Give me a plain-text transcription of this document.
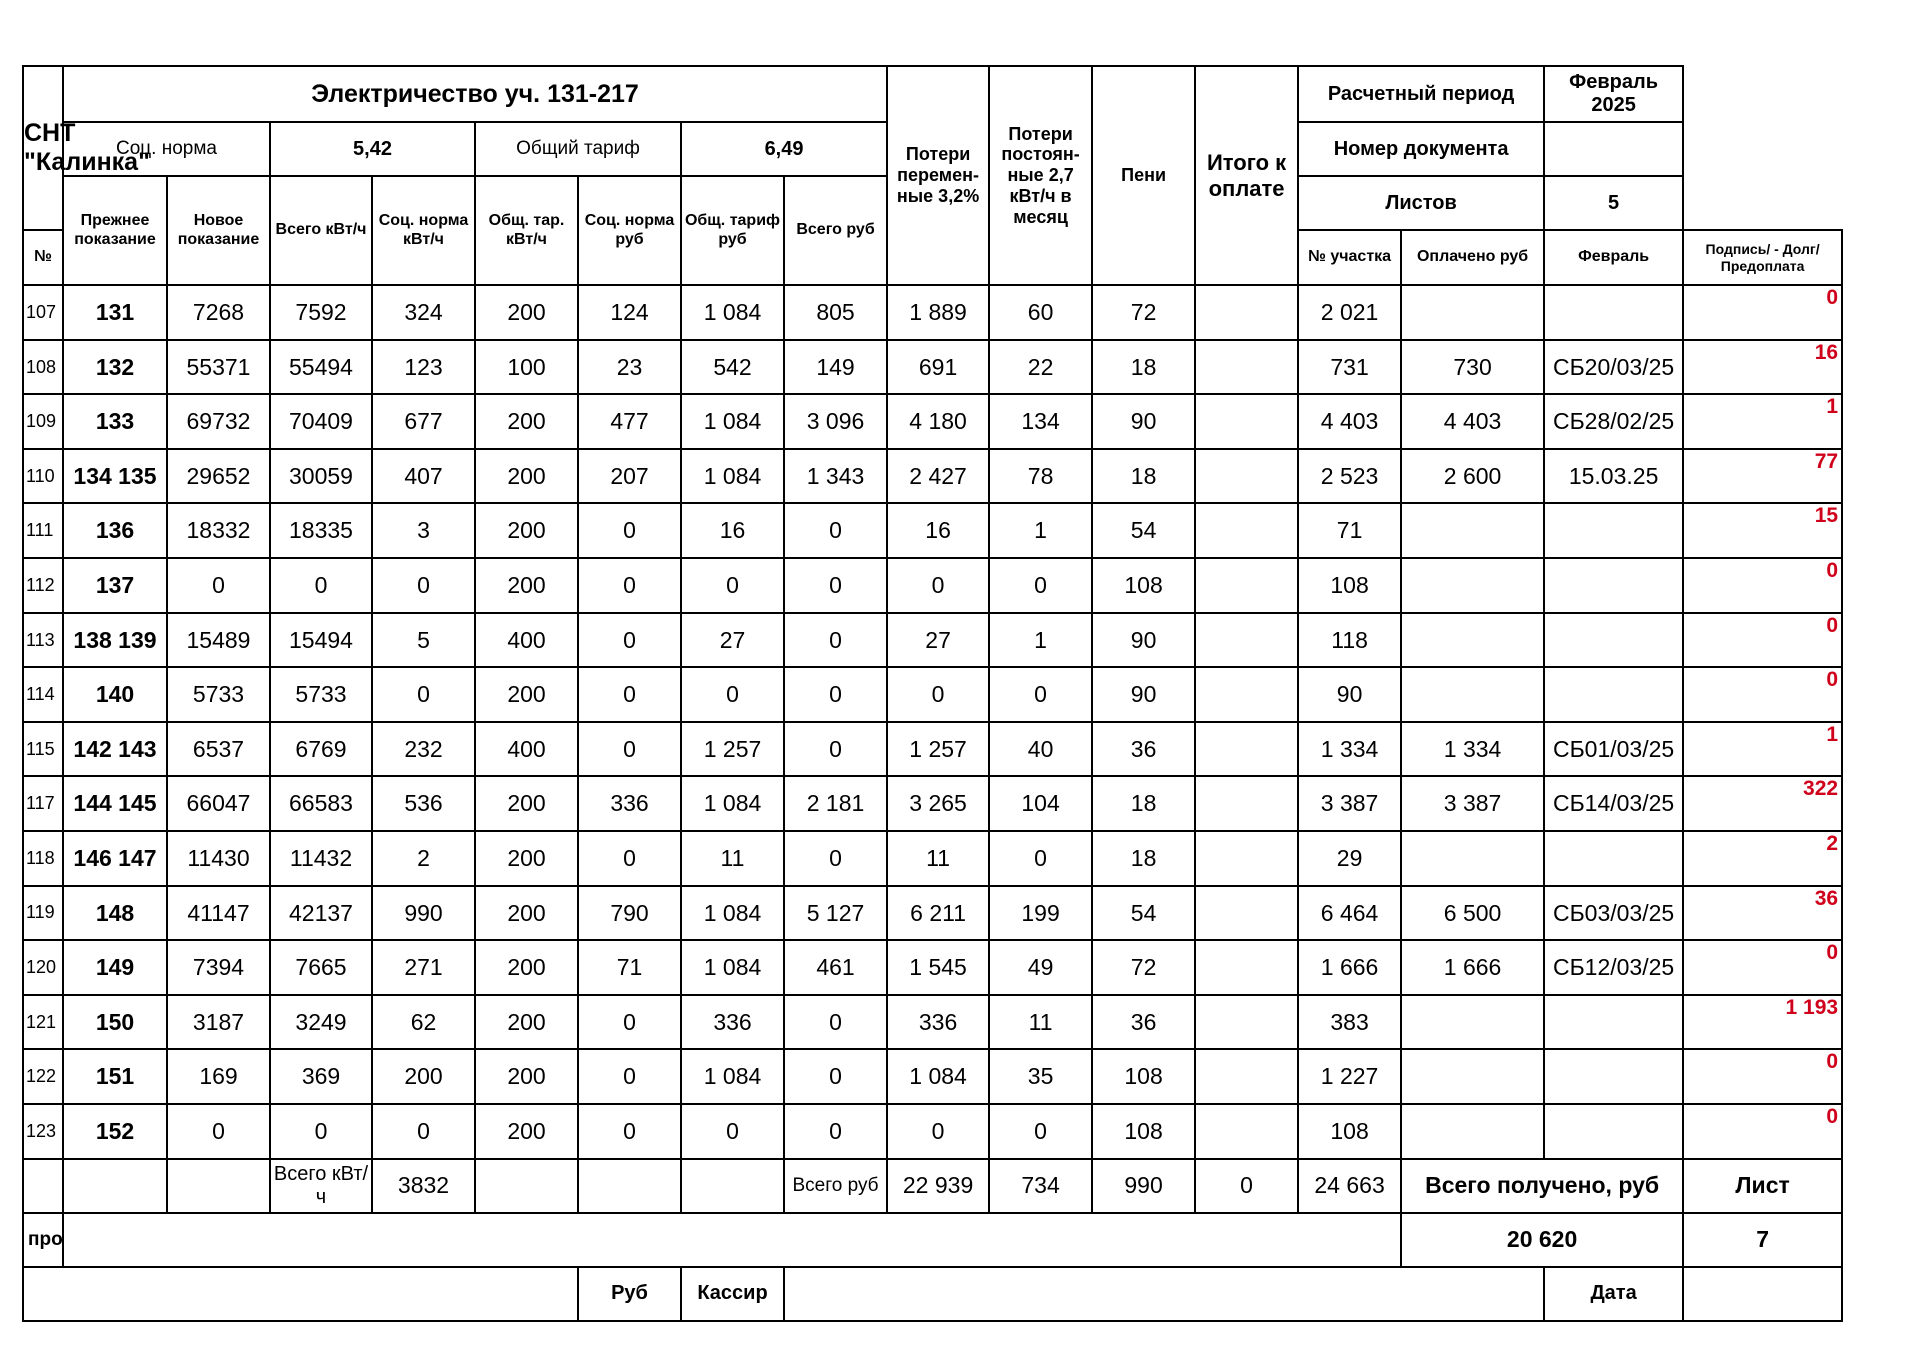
СНТ "Калинка"	Электричество уч. 131-217								Потери перемен-ные 3,2%	Потери постоян-ные 2,7 кВт/ч в месяц	Пени	Итого к оплате	Расчетный период		Февраль 2025	
	Соц. норма		5,42		Общий тариф		6,49						Номер документа			
	Прежнее показание	Новое показание	Всего кВт/ч	Соц. норма кВт/ч	Общ. тар. кВт/ч	Соц. норма руб	Общ. тариф руб	Всего руб					Листов		5	
№													№ участка	Оплачено руб	Февраль	Подпись/ - Долг/Предоплата
107	131	7268	7592	324	200	124	1 084	805	1 889	60	72		2 021			0
108	132	55371	55494	123	100	23	542	149	691	22	18		731	730	СБ20/03/25	16
109	133	69732	70409	677	200	477	1 084	3 096	4 180	134	90		4 403	4 403	СБ28/02/25	1
110	134 135	29652	30059	407	200	207	1 084	1 343	2 427	78	18		2 523	2 600	15.03.25	77
111	136	18332	18335	3	200	0	16	0	16	1	54		71			15
112	137	0	0	0	200	0	0	0	0	0	108		108			0
113	138 139	15489	15494	5	400	0	27	0	27	1	90		118			0
114	140	5733	5733	0	200	0	0	0	0	0	90		90			0
115	142 143	6537	6769	232	400	0	1 257	0	1 257	40	36		1 334	1 334	СБ01/03/25	1
117	144 145	66047	66583	536	200	336	1 084	2 181	3 265	104	18		3 387	3 387	СБ14/03/25	322
118	146 147	11430	11432	2	200	0	11	0	11	0	18		29			2
119	148	41147	42137	990	200	790	1 084	5 127	6 211	199	54		6 464	6 500	СБ03/03/25	36
120	149	7394	7665	271	200	71	1 084	461	1 545	49	72		1 666	1 666	СБ12/03/25	0
121	150	3187	3249	62	200	0	336	0	336	11	36		383			1 193
122	151	169	369	200	200	0	1 084	0	1 084	35	108		1 227			0
123	152	0	0	0	200	0	0	0	0	0	108		108			0
			Всего кВт/ч	3832				Всего руб	22 939	734	990	0	24 663	Всего получено, руб		Лист
про														20 620		7
						Руб	Кассир								Дата	
